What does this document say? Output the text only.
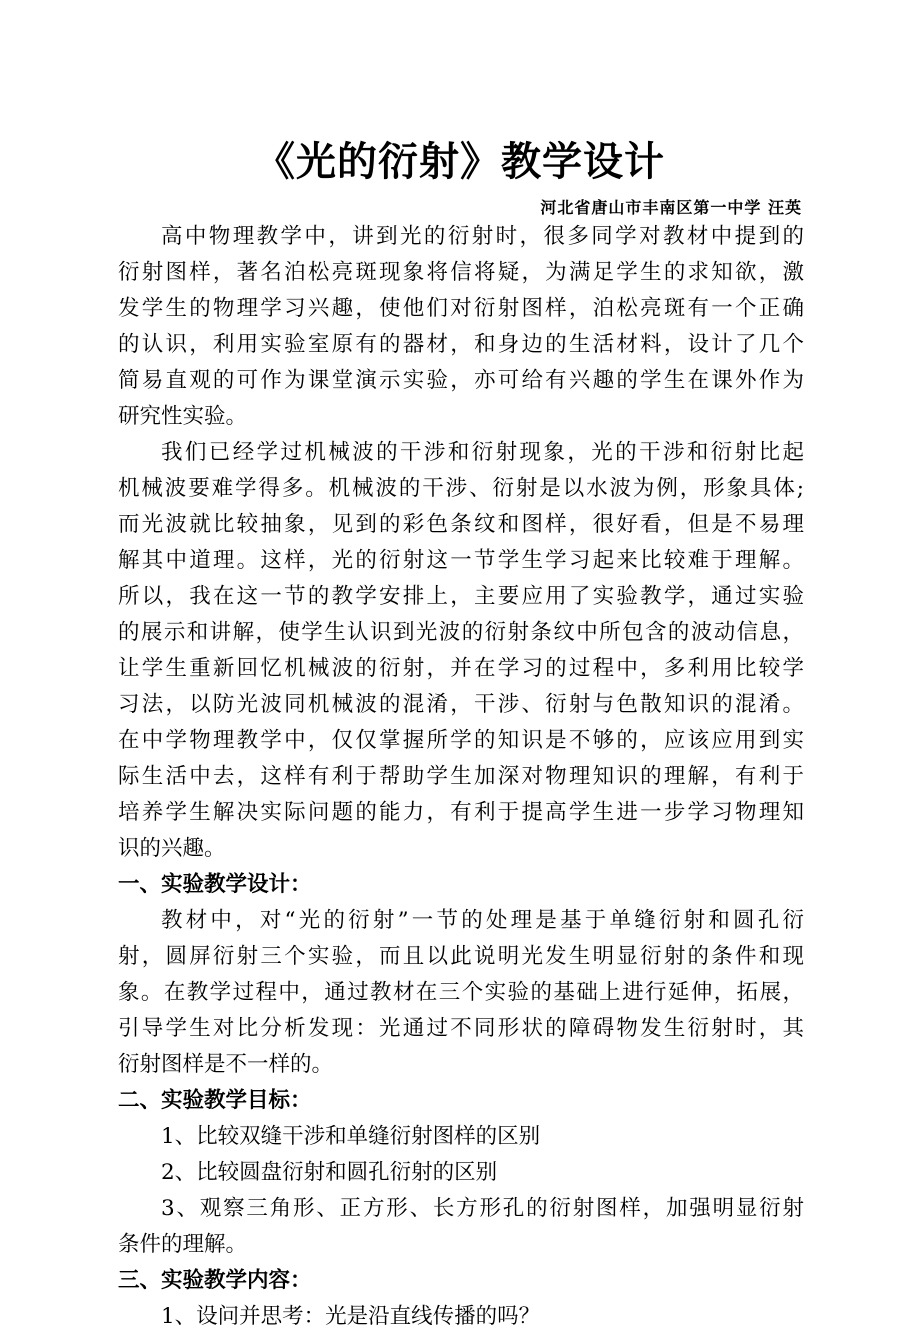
《光的衍射》教学设计
河北省唐山市丰南区第一中学 汪英
高中物理教学中，讲到光的衍射时，很多同学对教材中提到的
衍射图样，著名泊松亮斑现象将信将疑，为满足学生的求知欲，激
发学生的物理学习兴趣，使他们对衍射图样，泊松亮斑有一个正确
的认识，利用实验室原有的器材，和身边的生活材料，设计了几个
简易直观的可作为课堂演示实验，亦可给有兴趣的学生在课外作为
研究性实验。
我们已经学过机械波的干涉和衍射现象，光的干涉和衍射比起
机械波要难学得多。机械波的干涉、衍射是以水波为例，形象具体;
而光波就比较抽象，见到的彩色条纹和图样，很好看，但是不易理
解其中道理。这样，光的衍射这一节学生学习起来比较难于理解。
所以，我在这一节的教学安排上，主要应用了实验教学，通过实验
的展示和讲解，使学生认识到光波的衍射条纹中所包含的波动信息，
让学生重新回忆机械波的衍射，并在学习的过程中，多利用比较学
习法，以防光波同机械波的混淆，干涉、衍射与色散知识的混淆。
在中学物理教学中，仅仅掌握所学的知识是不够的，应该应用到实
际生活中去，这样有利于帮助学生加深对物理知识的理解，有利于
培养学生解决实际问题的能力，有利于提高学生进一步学习物理知
识的兴趣。
一、实验教学设计：
教材中，对“光的衍射”一节的处理是基于单缝衍射和圆孔衍
射，圆屏衍射三个实验，而且以此说明光发生明显衍射的条件和现
象。在教学过程中，通过教材在三个实验的基础上进行延伸，拓展，
引导学生对比分析发现：光通过不同形状的障碍物发生衍射时，其
衍射图样是不一样的。
二、实验教学目标：
1、比较双缝干涉和单缝衍射图样的区别
2、比较圆盘衍射和圆孔衍射的区别
3、观察三角形、正方形、长方形孔的衍射图样，加强明显衍射
条件的理解。
三、实验教学内容：
1、设问并思考：光是沿直线传播的吗？
